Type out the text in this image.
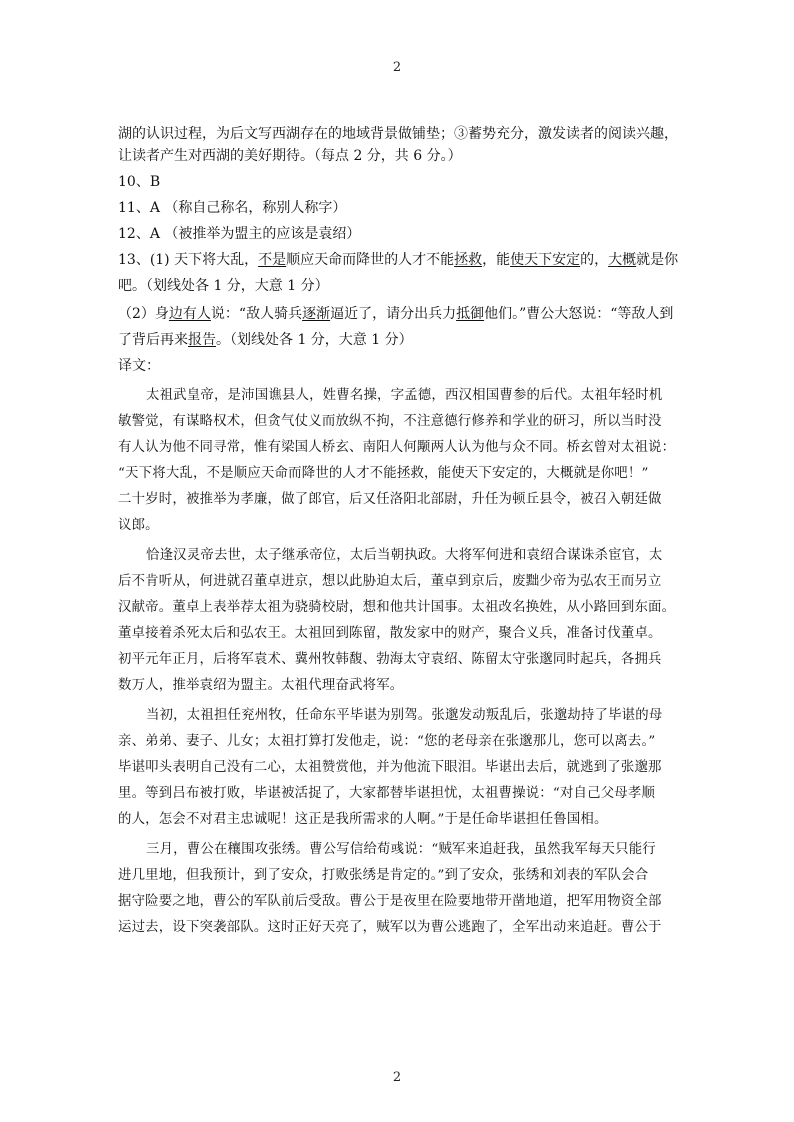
2
湖的认识过程，为后文写西湖存在的地域背景做铺垫；③蓄势充分，激发读者的阅读兴趣，
让读者产生对西湖的美好期待。（每点 2 分，共 6 分。）
10、B
11、A （称自己称名，称别人称字）
12、A （被推举为盟主的应该是袁绍）
13、(1) 天下将大乱，不是顺应天命而降世的人才不能拯救，能使天下安定的，大概就是你
吧。（划线处各 1 分，大意 1 分）
（2）身边有人说：“敌人骑兵逐渐逼近了，请分出兵力抵御他们。”曹公大怒说：“等敌人到
了背后再来报告。（划线处各 1 分，大意 1 分）
译文：
太祖武皇帝，是沛国谯县人，姓曹名操，字孟德，西汉相国曹参的后代。太祖年轻时机
敏警觉，有谋略权术，但贪气仗义而放纵不拘，不注意德行修养和学业的研习，所以当时没
有人认为他不同寻常，惟有梁国人桥玄、南阳人何颙两人认为他与众不同。桥玄曾对太祖说：
“天下将大乱，不是顺应天命而降世的人才不能拯救，能使天下安定的，大概就是你吧！”
二十岁时，被推举为孝廉，做了郎官，后又任洛阳北部尉，升任为顿丘县令，被召入朝廷做
议郎。
恰逢汉灵帝去世，太子继承帝位，太后当朝执政。大将军何进和袁绍合谋诛杀宦官，太
后不肯听从，何进就召董卓进京，想以此胁迫太后，董卓到京后，废黜少帝为弘农王而另立
汉献帝。董卓上表举荐太祖为骁骑校尉，想和他共计国事。太祖改名换姓，从小路回到东面。
董卓接着杀死太后和弘农王。太祖回到陈留，散发家中的财产，聚合义兵，准备讨伐董卓。
初平元年正月，后将军袁术、冀州牧韩馥、勃海太守袁绍、陈留太守张邈同时起兵，各拥兵
数万人，推举袁绍为盟主。太祖代理奋武将军。
当初，太祖担任兖州牧，任命东平毕谌为别驾。张邈发动叛乱后，张邈劫持了毕谌的母
亲、弟弟、妻子、儿女；太祖打算打发他走，说：“您的老母亲在张邈那儿，您可以离去。”
毕谌叩头表明自己没有二心，太祖赞赏他，并为他流下眼泪。毕谌出去后，就逃到了张邈那
里。等到吕布被打败，毕谌被活捉了，大家都替毕谌担忧，太祖曹操说：“对自己父母孝顺
的人，怎会不对君主忠诚呢！这正是我所需求的人啊。”于是任命毕谌担任鲁国相。
三月，曹公在穰围攻张绣。曹公写信给荀彧说：“贼军来追赶我，虽然我军每天只能行
进几里地，但我预计，到了安众，打败张绣是肯定的。”到了安众，张绣和刘表的军队会合
据守险要之地，曹公的军队前后受敌。曹公于是夜里在险要地带开凿地道，把军用物资全部
运过去，设下突袭部队。这时正好天亮了，贼军以为曹公逃跑了，全军出动来追赶。曹公于
2
